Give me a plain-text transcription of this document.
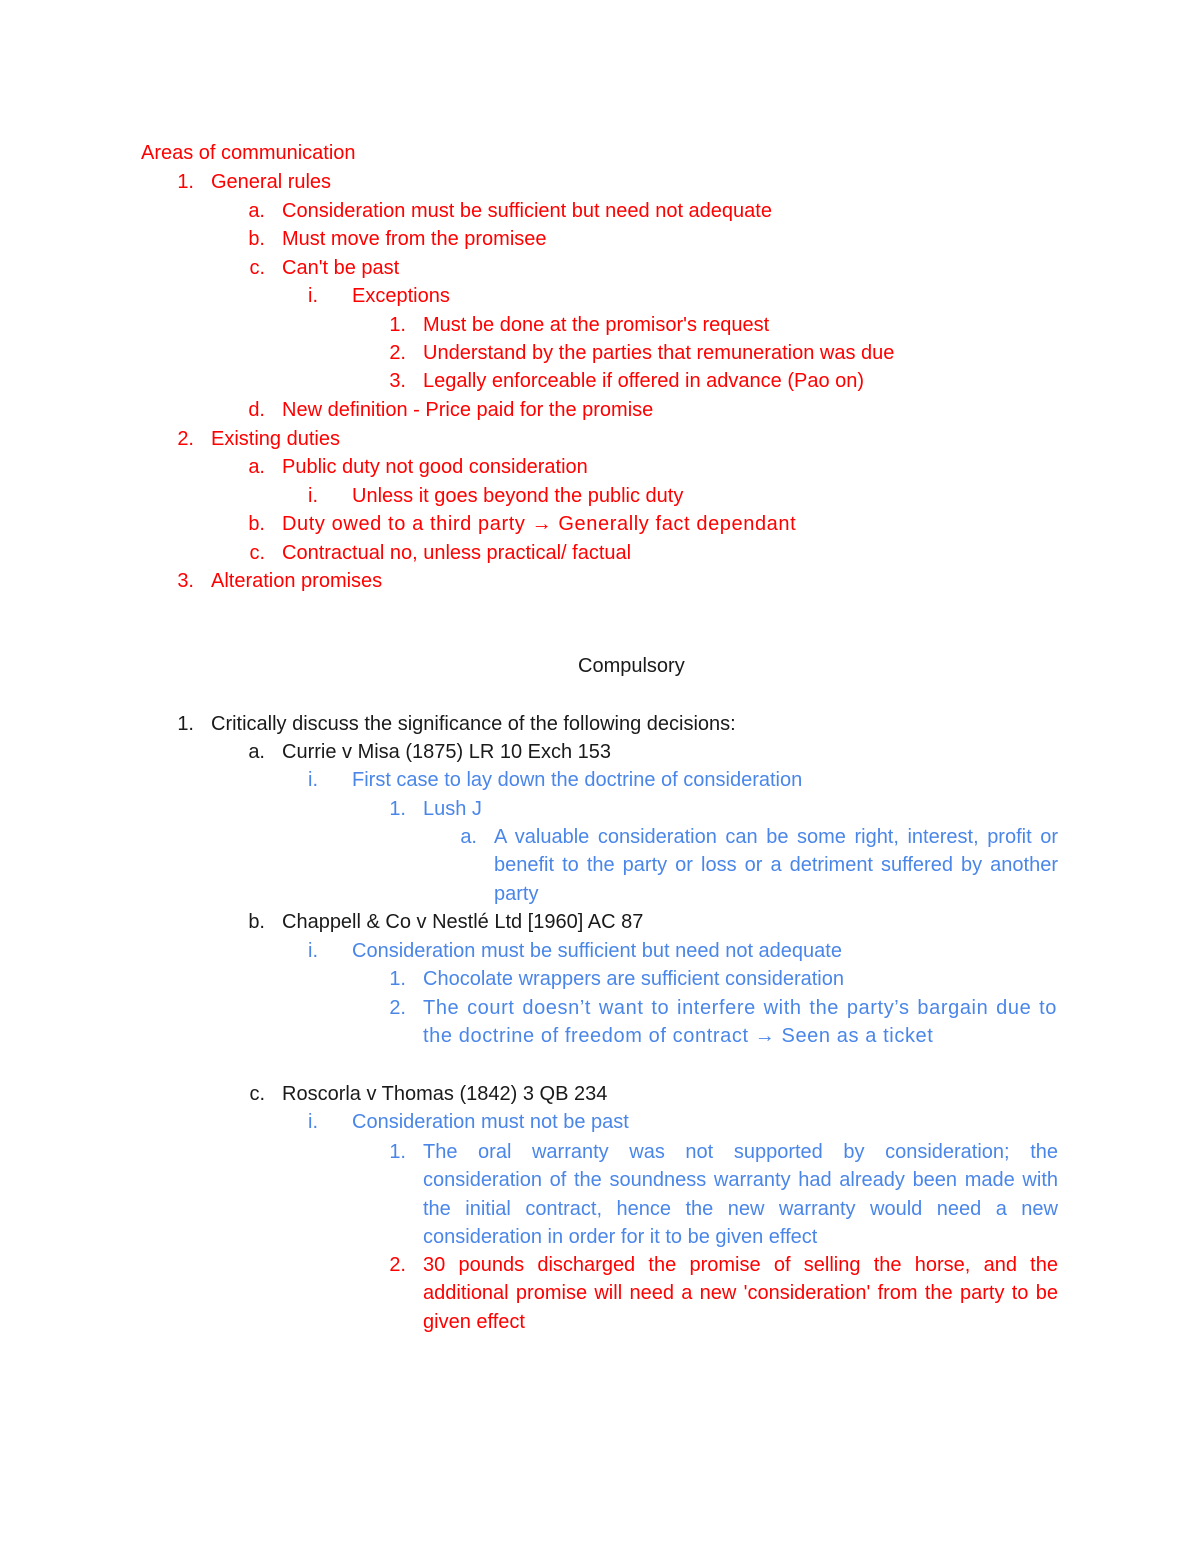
Areas of communication
1. General rules
a. Consideration must be sufficient but need not adequate
b. Must move from the promisee
c. Can't be past
i. Exceptions
1. Must be done at the promisor's request
2. Understand by the parties that remuneration was due
3. Legally enforceable if offered in advance (Pao on)
d. New definition - Price paid for the promise
2. Existing duties
a. Public duty not good consideration
i. Unless it goes beyond the public duty
b. Duty owed to a third party → Generally fact dependant
c. Contractual no, unless practical/ factual
3. Alteration promises
Compulsory
1. Critically discuss the significance of the following decisions:
a. Currie v Misa (1875) LR 10 Exch 153
i. First case to lay down the doctrine of consideration
1. Lush J
a. A valuable consideration can be some right, interest, profit or benefit to the party or loss or a detriment suffered by another party
b. Chappell & Co v Nestlé Ltd [1960] AC 87
i. Consideration must be sufficient but need not adequate
1. Chocolate wrappers are sufficient consideration
2. The court doesn’t want to interfere with the party’s bargain due to the doctrine of freedom of contract → Seen as a ticket
c. Roscorla v Thomas (1842) 3 QB 234
i. Consideration must not be past
1. The oral warranty was not supported by consideration; the consideration of the soundness warranty had already been made with the initial contract, hence the new warranty would need a new consideration in order for it to be given effect
2. 30 pounds discharged the promise of selling the horse, and the additional promise will need a new 'consideration' from the party to be given effect
